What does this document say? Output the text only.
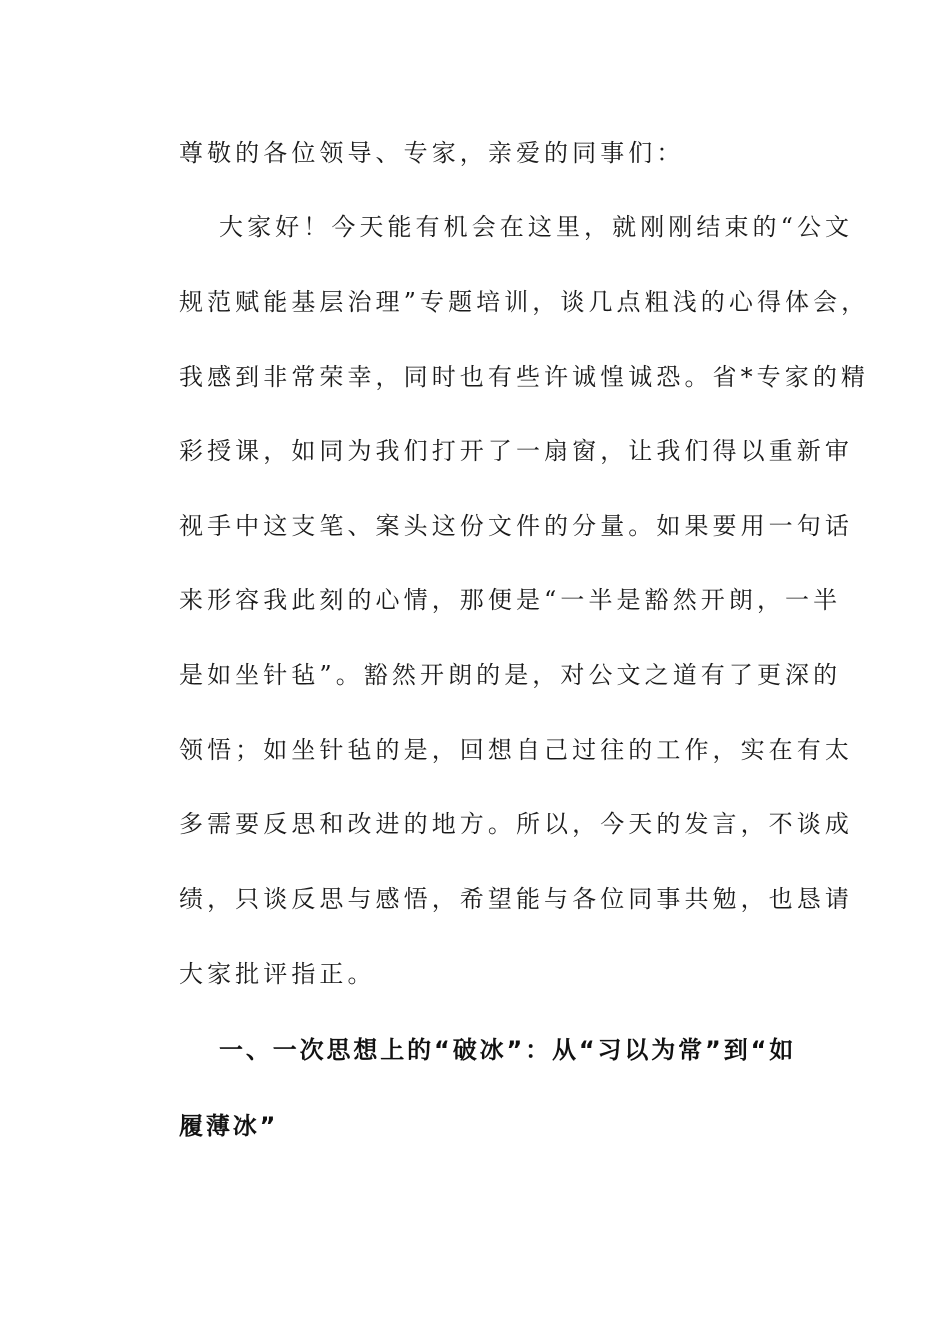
尊敬的各位领导、专家，亲爱的同事们：
大家好！今天能有机会在这里，就刚刚结束的“公文
规范赋能基层治理”专题培训，谈几点粗浅的心得体会，
我感到非常荣幸，同时也有些许诚惶诚恐。省*专家的精
彩授课，如同为我们打开了一扇窗，让我们得以重新审
视手中这支笔、案头这份文件的分量。如果要用一句话
来形容我此刻的心情，那便是“一半是豁然开朗，一半
是如坐针毡”。豁然开朗的是，对公文之道有了更深的
领悟；如坐针毡的是，回想自己过往的工作，实在有太
多需要反思和改进的地方。所以，今天的发言，不谈成
绩，只谈反思与感悟，希望能与各位同事共勉，也恳请
大家批评指正。
一、一次思想上的“破冰”：从“习以为常”到“如
履薄冰”
